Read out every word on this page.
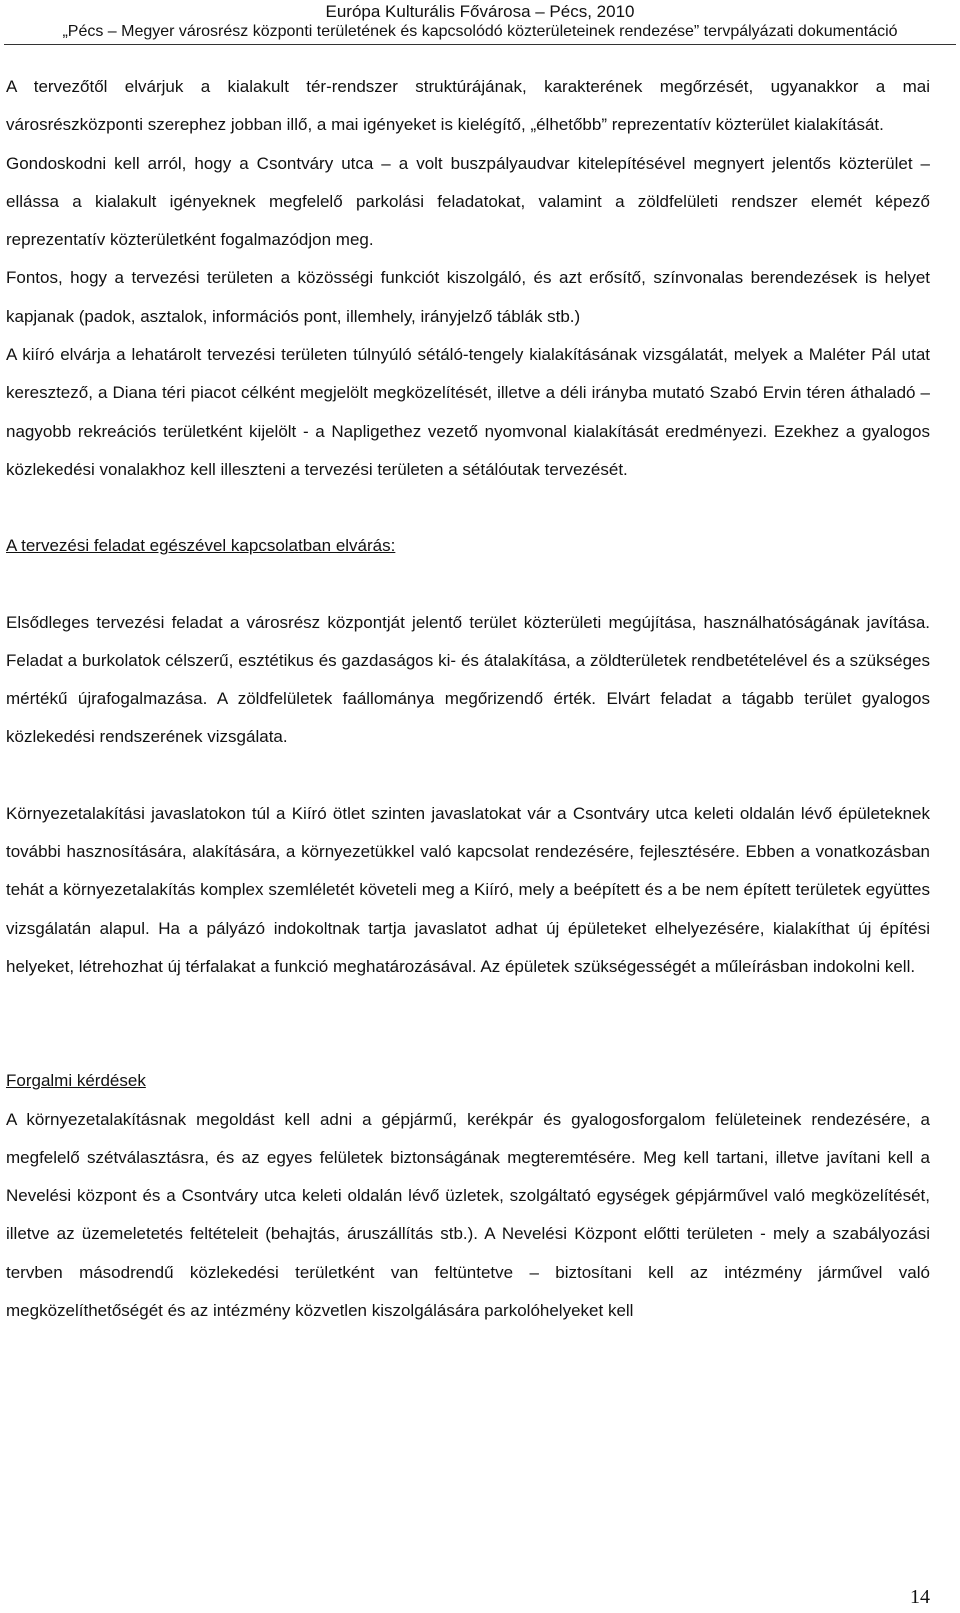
Európa Kulturális Fővárosa – Pécs, 2010
„Pécs – Megyer városrész központi területének és kapcsolódó közterületeinek rendezése” tervpályázati dokumentáció

A tervezőtől elvárjuk a kialakult tér-rendszer struktúrájának, karakterének megőrzését, ugyanakkor a mai városrészközponti szerephez jobban illő, a mai igényeket is kielégítő, „élhetőbb” reprezentatív közterület kialakítását.

Gondoskodni kell arról, hogy a Csontváry utca – a volt buszpályaudvar kitelepítésével megnyert jelentős közterület – ellássa a kialakult igényeknek megfelelő parkolási feladatokat, valamint a zöldfelületi rendszer elemét képező reprezentatív közterületként fogalmazódjon meg.

Fontos, hogy a tervezési területen a közösségi funkciót kiszolgáló, és azt erősítő, színvonalas berendezések is helyet kapjanak (padok, asztalok, információs pont, illemhely, irányjelző táblák stb.)

A kiíró elvárja a lehatárolt tervezési területen túlnyúló sétáló-tengely kialakításának vizsgálatát, melyek a Maléter Pál utat keresztező, a Diana téri piacot célként megjelölt megközelítését, illetve a déli irányba mutató Szabó Ervin téren áthaladó – nagyobb rekreációs területként kijelölt - a Napligethez vezető nyomvonal kialakítását eredményezi. Ezekhez a gyalogos közlekedési vonalakhoz kell illeszteni a tervezési területen a sétálóutak tervezését.

A tervezési feladat egészével kapcsolatban elvárás:

Elsődleges tervezési feladat a városrész központját jelentő terület közterületi megújítása, használhatóságának javítása. Feladat a burkolatok célszerű, esztétikus és gazdaságos ki- és átalakítása, a zöldterületek rendbetételével és a szükséges mértékű újrafogalmazása. A zöldfelületek faállománya megőrizendő érték. Elvárt feladat a tágabb terület gyalogos közlekedési rendszerének vizsgálata.

Környezetalakítási javaslatokon túl a Kiíró ötlet szinten javaslatokat vár a Csontváry utca keleti oldalán lévő épületeknek további hasznosítására, alakítására, a környezetükkel való kapcsolat rendezésére, fejlesztésére. Ebben a vonatkozásban tehát a környezetalakítás komplex szemléletét követeli meg a Kiíró, mely a beépített és a be nem épített területek együttes vizsgálatán alapul. Ha a pályázó indokoltnak tartja javaslatot adhat új épületeket elhelyezésére, kialakíthat új építési helyeket, létrehozhat új térfalakat a funkció meghatározásával. Az épületek szükségességét a műleírásban indokolni kell.

Forgalmi kérdések

A környezetalakításnak megoldást kell adni a gépjármű, kerékpár és gyalogosforgalom felületeinek rendezésére, a megfelelő szétválasztásra, és az egyes felületek biztonságának megteremtésére. Meg kell tartani, illetve javítani kell a Nevelési központ és a Csontváry utca keleti oldalán lévő üzletek, szolgáltató egységek gépjárművel való megközelítését, illetve az üzemeletetés feltételeit (behajtás, áruszállítás stb.). A Nevelési Központ előtti területen - mely a szabályozási tervben másodrendű közlekedési területként van feltüntetve – biztosítani kell az intézmény járművel való megközelíthetőségét és az intézmény közvetlen kiszolgálására parkolóhelyeket kell

14
